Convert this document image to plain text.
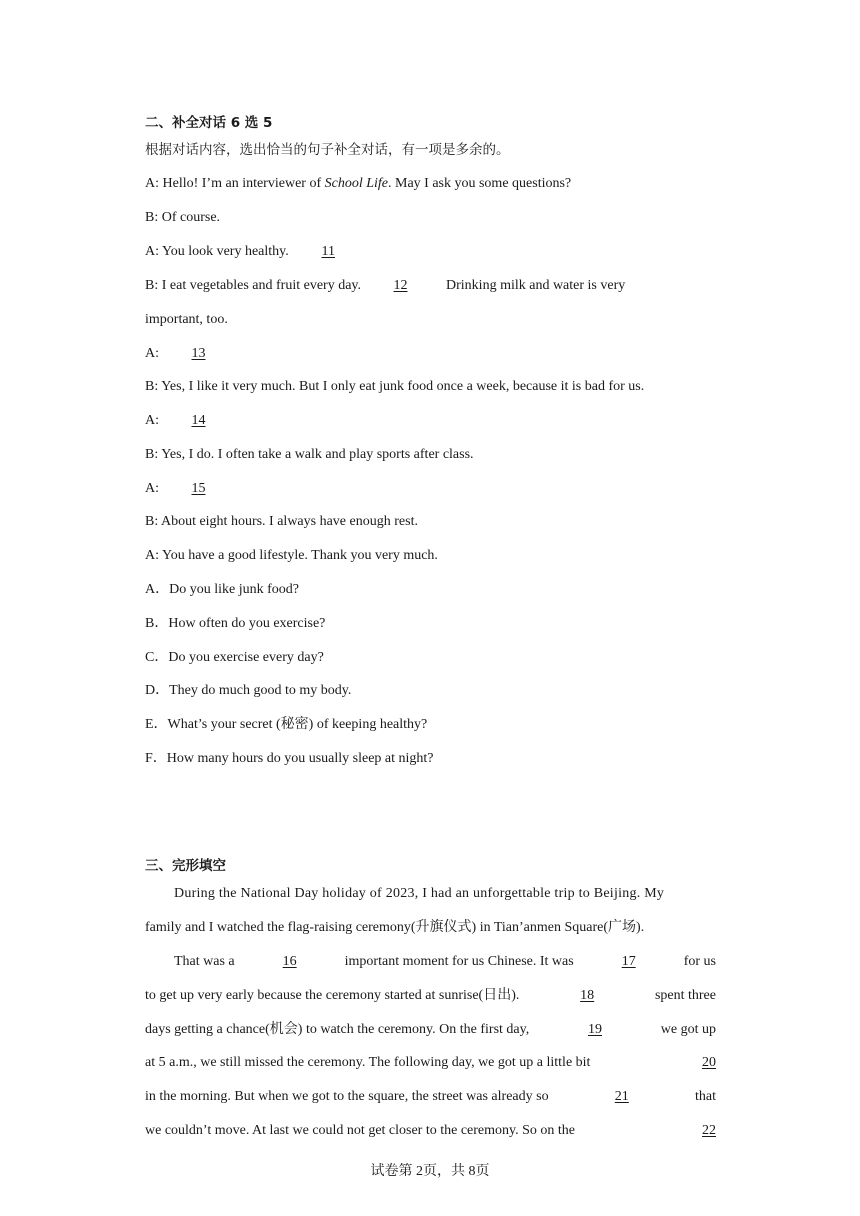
二、补全对话 6 选 5
根据对话内容，选出恰当的句子补全对话，有一项是多余的。
A: Hello! I’m an interviewer of School Life. May I ask you some questions?
B: Of course.
A: You look very healthy. 11
B: I eat vegetables and fruit every day. 12	Drinking milk and water is very
important, too.
A: 13
B: Yes, I like it very much. But I only eat junk food once a week, because it is bad for us.
A: 14
B: Yes, I do. I often take a walk and play sports after class.
A: 15
B: About eight hours. I always have enough rest.
A: You have a good lifestyle. Thank you very much.
A．Do you like junk food?
B．How often do you exercise?
C．Do you exercise every day?
D．They do much good to my body.
E．What’s your secret (秘密) of keeping healthy?
F．How many hours do you usually sleep at night?
三、完形填空
During the National Day holiday of 2023, I had an unforgettable trip to Beijing. My
family and I watched the flag-raising ceremony(升旗仪式) in Tian’anmen Square(广场).
That was a	16	important moment for us Chinese. It was	17	for us
to get up very early because the ceremony started at sunrise(日出).	18	spent three
days getting a chance(机会) to watch the ceremony. On the first day,	19	we got up
at 5 a.m., we still missed the ceremony. The following day, we got up a little bit	20
in the morning. But when we got to the square, the street was already so	21	that
we couldn’t move. At last we could not get closer to the ceremony. So on the	22
试卷第 2页，共 8页
